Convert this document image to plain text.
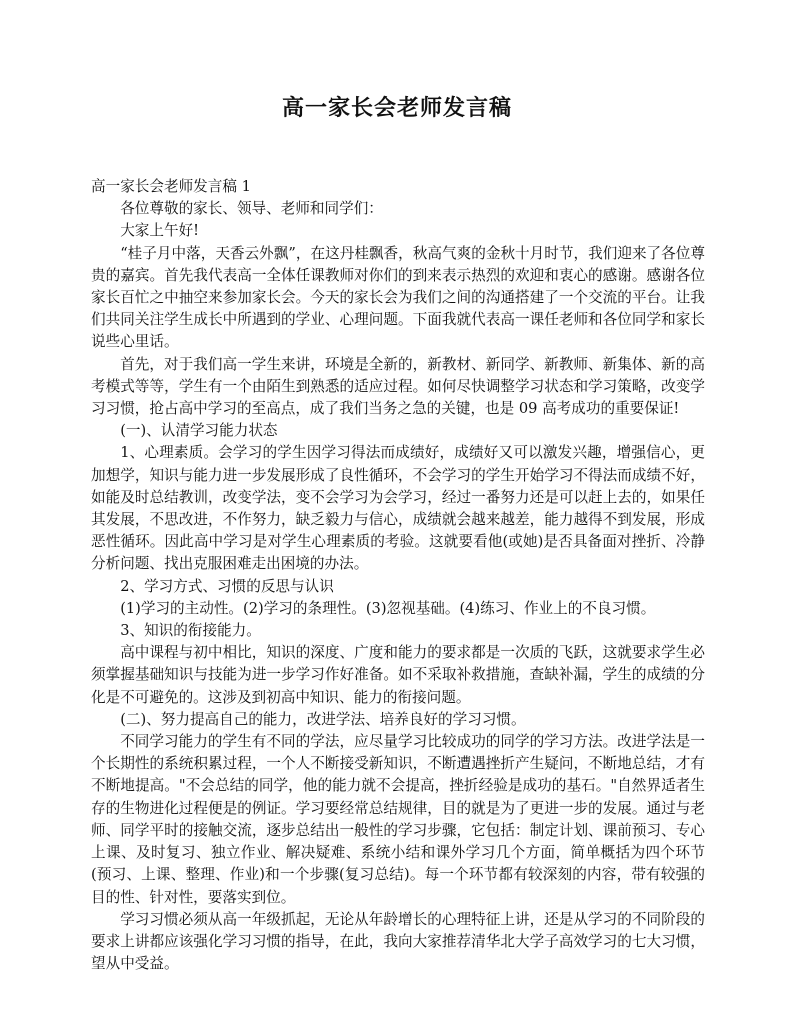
高一家长会老师发言稿

高一家长会老师发言稿 1

各位尊敬的家长、领导、老师和同学们：

大家上午好!

“桂子月中落，天香云外飘”，在这丹桂飘香，秋高气爽的金秋十月时节，我们迎来了各位尊贵的嘉宾。首先我代表高一全体任课教师对你们的到来表示热烈的欢迎和衷心的感谢。感谢各位家长百忙之中抽空来参加家长会。今天的家长会为我们之间的沟通搭建了一个交流的平台。让我们共同关注学生成长中所遇到的学业、心理问题。下面我就代表高一课任老师和各位同学和家长说些心里话。

首先，对于我们高一学生来讲，环境是全新的，新教材、新同学、新教师、新集体、新的高考模式等等，学生有一个由陌生到熟悉的适应过程。如何尽快调整学习状态和学习策略，改变学习习惯，抢占高中学习的至高点，成了我们当务之急的关键，也是 09 高考成功的重要保证!

(一)、认清学习能力状态

1、心理素质。会学习的学生因学习得法而成绩好，成绩好又可以激发兴趣，增强信心，更加想学，知识与能力进一步发展形成了良性循环，不会学习的学生开始学习不得法而成绩不好，如能及时总结教训，改变学法，变不会学习为会学习，经过一番努力还是可以赶上去的，如果任其发展，不思改进，不作努力，缺乏毅力与信心，成绩就会越来越差，能力越得不到发展，形成恶性循环。因此高中学习是对学生心理素质的考验。这就要看他(或她)是否具备面对挫折、冷静分析问题、找出克服困难走出困境的办法。

2、学习方式、习惯的反思与认识

(1)学习的主动性。(2)学习的条理性。(3)忽视基础。(4)练习、作业上的不良习惯。

3、知识的衔接能力。

高中课程与初中相比，知识的深度、广度和能力的要求都是一次质的飞跃，这就要求学生必须掌握基础知识与技能为进一步学习作好准备。如不采取补救措施，查缺补漏，学生的成绩的分化是不可避免的。这涉及到初高中知识、能力的衔接问题。

(二)、努力提高自己的能力，改进学法、培养良好的学习习惯。

不同学习能力的学生有不同的学法，应尽量学习比较成功的同学的学习方法。改进学法是一个长期性的系统积累过程，一个人不断接受新知识，不断遭遇挫折产生疑问，不断地总结，才有不断地提高。"不会总结的同学，他的能力就不会提高，挫折经验是成功的基石。"自然界适者生存的生物进化过程便是的例证。学习要经常总结规律，目的就是为了更进一步的发展。通过与老师、同学平时的接触交流，逐步总结出一般性的学习步骤，它包括：制定计划、课前预习、专心上课、及时复习、独立作业、解决疑难、系统小结和课外学习几个方面，简单概括为四个环节(预习、上课、整理、作业)和一个步骤(复习总结)。每一个环节都有较深刻的内容，带有较强的目的性、针对性，要落实到位。

学习习惯必须从高一年级抓起，无论从年龄增长的心理特征上讲，还是从学习的不同阶段的要求上讲都应该强化学习习惯的指导，在此，我向大家推荐清华北大学子高效学习的七大习惯，望从中受益。
